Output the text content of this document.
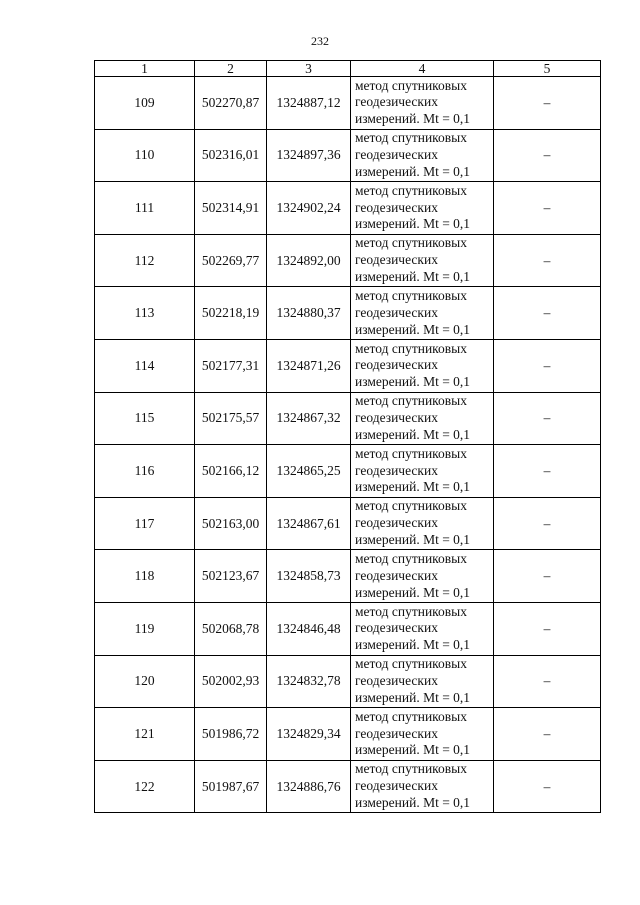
232
1	2	3	4	5
109	502270,87	1324887,12	метод спутниковых
геодезических
измерений. Mt = 0,1	–
110	502316,01	1324897,36	метод спутниковых
геодезических
измерений. Mt = 0,1	–
111	502314,91	1324902,24	метод спутниковых
геодезических
измерений. Mt = 0,1	–
112	502269,77	1324892,00	метод спутниковых
геодезических
измерений. Mt = 0,1	–
113	502218,19	1324880,37	метод спутниковых
геодезических
измерений. Mt = 0,1	–
114	502177,31	1324871,26	метод спутниковых
геодезических
измерений. Mt = 0,1	–
115	502175,57	1324867,32	метод спутниковых
геодезических
измерений. Mt = 0,1	–
116	502166,12	1324865,25	метод спутниковых
геодезических
измерений. Mt = 0,1	–
117	502163,00	1324867,61	метод спутниковых
геодезических
измерений. Mt = 0,1	–
118	502123,67	1324858,73	метод спутниковых
геодезических
измерений. Mt = 0,1	–
119	502068,78	1324846,48	метод спутниковых
геодезических
измерений. Mt = 0,1	–
120	502002,93	1324832,78	метод спутниковых
геодезических
измерений. Mt = 0,1	–
121	501986,72	1324829,34	метод спутниковых
геодезических
измерений. Mt = 0,1	–
122	501987,67	1324886,76	метод спутниковых
геодезических
измерений. Mt = 0,1	–
